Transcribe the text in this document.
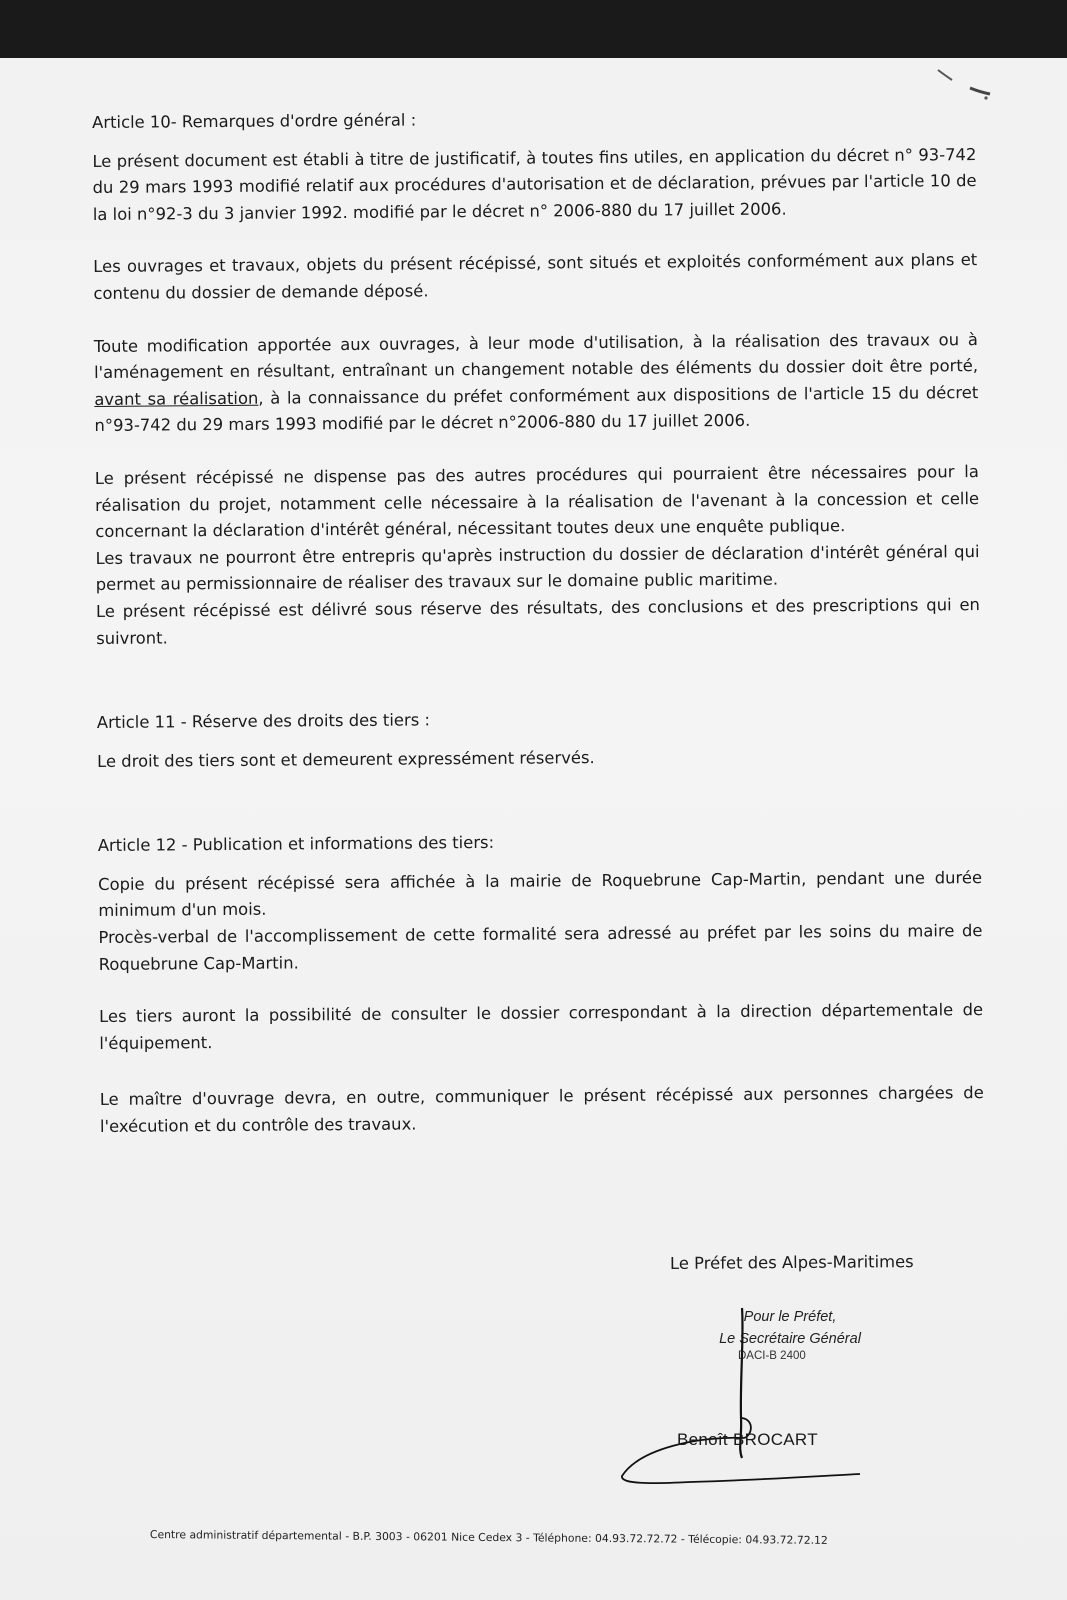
Article 10- Remarques d'ordre général :

Le présent document est établi à titre de justificatif, à toutes fins utiles, en application du décret n° 93-742 du 29 mars 1993 modifié relatif aux procédures d'autorisation et de déclaration, prévues par l'article 10 de la loi n°92-3 du 3 janvier 1992. modifié par le décret n° 2006-880 du 17 juillet 2006.

Les ouvrages et travaux, objets du présent récépissé, sont situés et exploités conformément aux plans et contenu du dossier de demande déposé.

Toute modification apportée aux ouvrages, à leur mode d'utilisation, à la réalisation des travaux ou à l'aménagement en résultant, entraînant un changement notable des éléments du dossier doit être porté, avant sa réalisation, à la connaissance du préfet conformément aux dispositions de l'article 15 du décret n°93-742 du 29 mars 1993 modifié par le décret n°2006-880 du 17 juillet 2006.

Le présent récépissé ne dispense pas des autres procédures qui pourraient être nécessaires pour la réalisation du projet, notamment celle nécessaire à la réalisation de l'avenant à la concession et celle concernant la déclaration d'intérêt général, nécessitant toutes deux une enquête publique.

Les travaux ne pourront être entrepris qu'après instruction du dossier de déclaration d'intérêt général qui permet au permissionnaire de réaliser des travaux sur le domaine public maritime.

Le présent récépissé est délivré sous réserve des résultats, des conclusions et des prescriptions qui en suivront.

Article 11 - Réserve des droits des tiers :

Le droit des tiers sont et demeurent expressément réservés.

Article 12 - Publication et informations des tiers:

Copie du présent récépissé sera affichée à la mairie de Roquebrune Cap-Martin, pendant une durée minimum d'un mois.

Procès-verbal de l'accomplissement de cette formalité sera adressé au préfet par les soins du maire de Roquebrune Cap-Martin.

Les tiers auront la possibilité de consulter le dossier correspondant à la direction départementale de l'équipement.

Le maître d'ouvrage devra, en outre, communiquer le présent récépissé aux personnes chargées de l'exécution et du contrôle des travaux.

Le Préfet des Alpes-Maritimes
Pour le Préfet,
Le Secrétaire Général
DACI-B 2400
Benoît BROCART
Centre administratif départemental - B.P. 3003 - 06201 Nice Cedex 3 - Téléphone: 04.93.72.72.72 - Télécopie: 04.93.72.72.12
